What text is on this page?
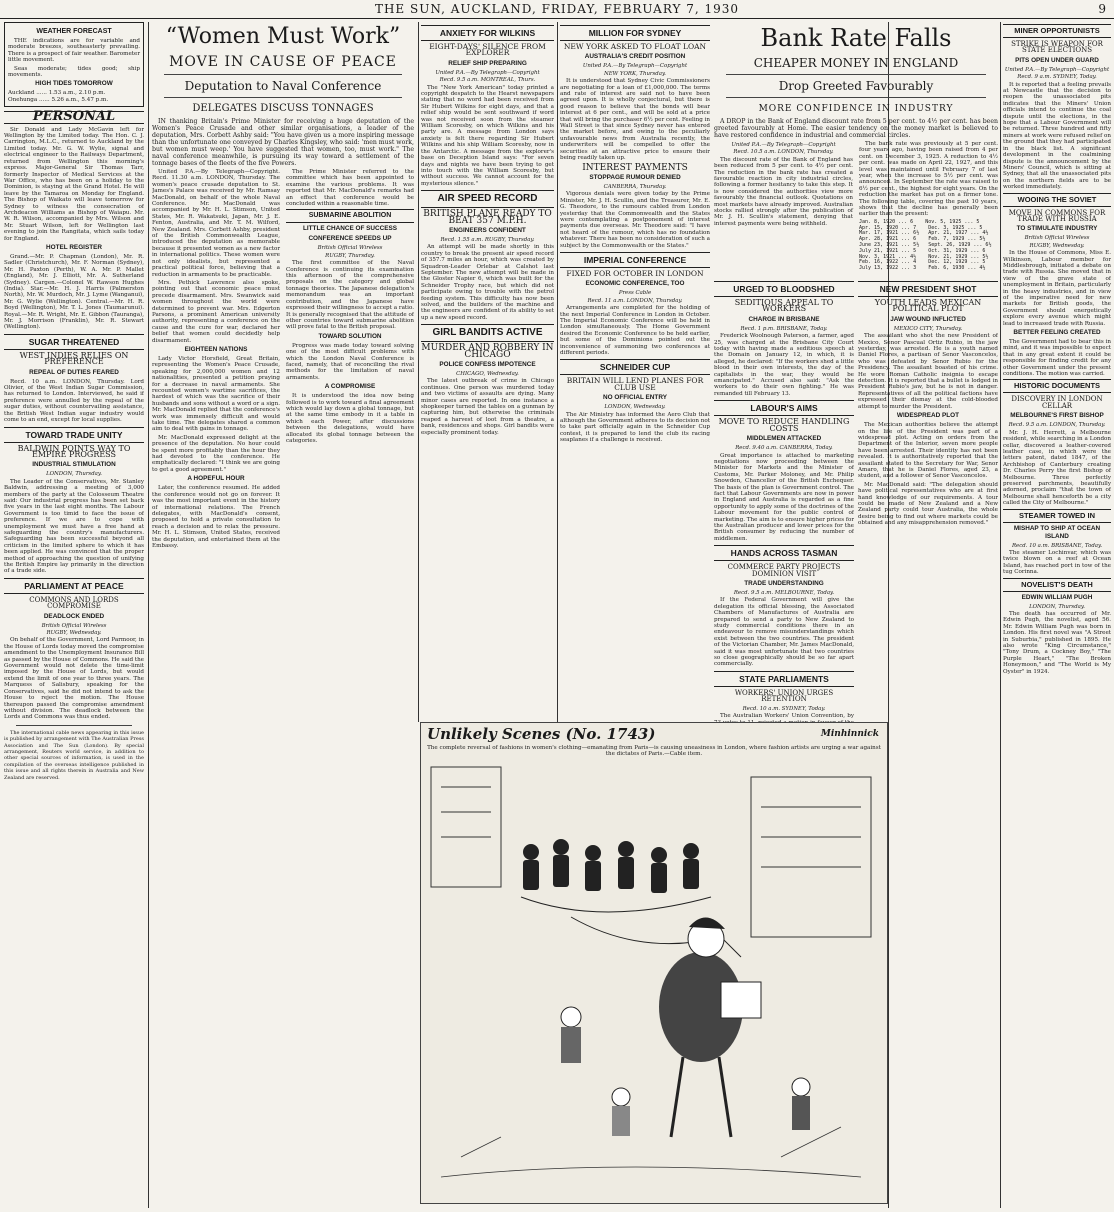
THE SUN, AUCKLAND, FRIDAY, FEBRUARY 7, 1930	9
WEATHER FORECAST

THE indications are for variable and moderate breezes, southeasterly prevailing. There is a prospect of fair weather. Barometer little movement.

Seas moderate; tides good; ship movements.

HIGH TIDES TOMORROW
Auckland ...... 1.53 a.m., 2.10 p.m.
Onehunga ...... 5.26 a.m., 5.47 p.m.
PERSONAL

Sir Donald and Lady McGavin left for Wellington by the Limited today. The Hon. C. J. Carrington, M.L.C., returned to Auckland by the Limited today. Mr. G. W. Wylie, signal and electrical engineer to the Railways Department, returned from Wellington this morning's express. Major-General Sir Thomas Tarr, formerly Inspector of Medical Services at the War Office, who has been on a holiday to the Dominion, is staying at the Grand Hotel. He will leave by the Tamaroa on Monday for England. The Bishop of Waikato will leave tomorrow for Sydney to witness the consecration of Archdeacon Williams as Bishop of Waiapu. Mr. W. R. Wilson, accompanied by Mrs. Wilson and Mr. Stuart Wilson, left for Wellington last evening to join the Rangitata, which sails today for England.

HOTEL REGISTER

Grand.—Mr. P. Chapman (London), Mr. R. Sadler (Christchurch), Mr. F. Norman (Sydney), Mr. H. Paxton (Perth), W. A. Mr. P. Mallet (England), Mr. J. Elliott, Mr. A. Sutherland (Sydney). Cargen.—Colonel W. Rawson Hughes (India). Star.—Mr. H. J. Harris (Palmerston North), Mr. W. Murdoch, Mr. J. Lyme (Wanganui), Mr. G. Wylie (Wellington). Central.—Mr. H. R. Boyd (Wellington), Mr. T. L. Jones (Taumarunui). Royal.—Mr. R. Wright, Mr. E. Gibbon (Tauranga), Mr. J. Morrison (Franklin), Mr. R. Stewart (Wellington).

SUGAR THREATENED
WEST INDIES RELIES ON PREFERENCE
REPEAL OF DUTIES FEARED

Recd. 10 a.m. LONDON, Thursday. Lord Olivier, of the West Indian Sugar Commission, has returned to London. Interviewed, he said if preference were annulled by the repeal of the sugar duties, without countervailing assistance, the British West Indian sugar industry would come to an end, except for local supplies.

TOWARD TRADE UNITY
BALDWIN POINTS WAY TO EMPIRE PROGRESS
INDUSTRIAL STIMULATION
LONDON, Thursday.

The Leader of the Conservatives, Mr. Stanley Baldwin, addressing a meeting of 3,000 members of the party at the Colosseum Theatre said: Our industrial progress has been set back five years in the last eight months. The Labour Government is too timid to face the issue of preference. If we are to cope with unemployment we must have a free hand at safeguarding the country's manufacturers. Safeguarding has been successful beyond all criticism in the limited sphere to which it has been applied. He was convinced that the proper method of approaching the question of unifying the British Empire lay primarily in the direction of a trade side.

PARLIAMENT AT PEACE
COMMONS AND LORDS COMPROMISE
DEADLOCK ENDED
British Official Wireless
RUGBY, Wednesday.

On behalf of the Government, Lord Parmoor, in the House of Lords today moved the compromise amendment to the Unemployment Insurance Bill as passed by the House of Commons. He said the Government would not delete the time-limit imposed by the House of Lords, but would extend the limit of one year to three years. The Marquess of Salisbury, speaking for the Conservatives, said he did not intend to ask the House to reject the motion. The House thereupon passed the compromise amendment without division. The deadlock between the Lords and Commons was thus ended.

The international cable news appearing in this issue is published by arrangement with The Australian Press Association and The Sun (London). By special arrangement, Reuters world service, in addition to other special sources of information, is used in the compilation of the overseas intelligence published in this issue and all rights therein in Australia and New Zealand are reserved.

“Women Must Work”
MOVE IN CAUSE OF PEACE
Deputation to Naval Conference
DELEGATES DISCUSS TONNAGES

IN thanking Britain's Prime Minister for receiving a huge deputation of the Women's Peace Crusade and other similar organisations, a leader of the deputation, Mrs. Corbett Ashby said: "You have given us a more inspiring message than the unfortunate one conveyed by Charles Kingsley, who said: 'men must work, but women must weep.' You have suggested that women, too, must work." The naval conference meanwhile, is pursuing its way toward a settlement of the tonnage bases of the fleets of the five Powers.

United P.A.—By Telegraph—Copyright. Recd. 11.30 a.m. LONDON, Thursday. The women's peace crusade deputation to St. James's Palace was received by Mr. Ramsay MacDonald, on behalf of the whole Naval Conference. Mr. MacDonald was accompanied by Mr. H. L. Stimson, United States, Mr. R. Wakatsuki, Japan, Mr. J. E. Fenton, Australia, and Mr. T. M. Wilford, New Zealand. Mrs. Corbett Ashby, president of the British Commonwealth League, introduced the deputation as memorable because it presented women as a new factor in international politics. These women were not only idealists, but represented a practical political force, believing that a reduction in armaments to be practicable.

Mrs. Pethick Lawrence also spoke, pointing out that economic peace must precede disarmament. Mrs. Swanwick said women throughout the world were determined to prevent war. Mrs. Edgerton Parsons, a prominent American university authority, representing a conference on the cause and the cure for war, declared her belief that women could decidedly help disarmament.

EIGHTEEN NATIONS

Lady Victor Horsfield, Great Britain, representing the Women's Peace Crusade, speaking for 2,000,000 women and 12 nationalities, presented a petition praying for a decrease in naval armaments. She recounted women's wartime sacrifices, the hardest of which was the sacrifice of their husbands and sons without a word or a sign. Mr. MacDonald replied that the conference's work was immensely difficult and would take time. The delegates shared a common aim to deal with gains in tonnage.

Mr. MacDonald expressed delight at the presence of the deputation. No hour could be spent more profitably than the hour they had devoted to the conference. He emphatically declared: "I think we are going to get a good agreement."

A HOPEFUL HOUR

Later, the conference resumed. He added the conference would not go on forever. It was the most important event in the history of international relations. The French delegates, with MacDonald's consent, proposed to hold a private consultation to reach a decision and to relax the pressure. Mr. H. L. Stimson, United States, received the deputation, and entertained them at the Embassy.

The Prime Minister referred to the committee which has been appointed to examine the various problems. It was reported that Mr. MacDonald's remarks had an effect that conference would be concluded within a reasonable time.

SUBMARINE ABOLITION
LITTLE CHANCE OF SUCCESS
CONFERENCE SPEEDS UP
British Official Wireless
RUGBY, Thursday.

The first committee of the Naval Conference is continuing its examination this afternoon of the comprehensive proposals on the category and global tonnage theories. The Japanese delegation's memorandum was an important contribution, and the Japanese have expressed their willingness to accept a ratio. It is generally recognised that the attitude of other countries toward submarine abolition will prove fatal to the British proposal.

TOWARD SOLUTION

Progress was made today toward solving one of the most difficult problems with which the London Naval Conference is faced, namely, that of reconciling the rival methods for the limitation of naval armaments.

A COMPROMISE

It is understood the idea now being followed is to work toward a final agreement which would lay down a global tonnage, but at the same time embody in it a table in which each Power, after discussions between the delegations, would have allocated its global tonnage between the categories.

ANXIETY FOR WILKINS
EIGHT-DAYS' SILENCE FROM EXPLORER
RELIEF SHIP PREPARING
United P.A.—By Telegraph—Copyright
Recd. 9.5 a.m. MONTREAL, Thurs.

The "New York American" today printed a copyright despatch to the Hearst newspapers stating that no word had been received from Sir Hubert Wilkins for eight days, and that a relief ship would be sent southward if word was not received soon from the steamer William Scoresby, on which Wilkins and his party are. A message from London says anxiety is felt there regarding Sir Hubert Wilkins and his ship William Scoresby, now in the Antarctic. A message from the explorer's base on Deception Island says: "For seven days and nights we have been trying to get into touch with the William Scoresby, but without success. We cannot account for the mysterious silence."

AIR SPEED RECORD
BRITISH PLANE READY TO BEAT 357 M.P.H.
ENGINEERS CONFIDENT
Recd. 1.55 a.m. RUGBY, Thursday.

An attempt will be made shortly in this country to break the present air speed record of 357.7 miles an hour, which was created by Squadron-Leader Orlebar at Calshot last September. The new attempt will be made in the Gloster Napier 6, which was built for the Schneider Trophy race, but which did not participate owing to trouble with the petrol feeding system. This difficulty has now been solved, and the builders of the machine and the engineers are confident of its ability to set up a new speed record.

GIRL BANDITS ACTIVE
MURDER AND ROBBERY IN CHICAGO
POLICE CONFESS IMPOTENCE
CHICAGO, Wednesday.

The latest outbreak of crime in Chicago continues. One person was murdered today and two victims of assaults are dying. Many minor cases are reported. In one instance a shopkeeper turned the tables on a gunman by capturing him, but otherwise the criminals reaped a harvest of loot from a theatre, a bank, residences and shops. Girl bandits were especially prominent today.

MILLION FOR SYDNEY
NEW YORK ASKED TO FLOAT LOAN
AUSTRALIA'S CREDIT POSITION
United P.A.—By Telegraph—Copyright
NEW YORK, Thursday.

It is understood that Sydney Civic Commissioners are negotiating for a loan of £1,000,000. The terms and rate of interest are said not to have been agreed upon. It is wholly conjectural, but there is good reason to believe that the bonds will bear interest at 6 per cent., and will be sold at a price that will bring the purchaser 6½ per cent. Feeling in Wall Street is that since Sydney never has entered the market before, and owing to the peculiarly unfavourable news from Australia recently, the underwriters will be compelled to offer the securities at an attractive price to ensure their being readily taken up.

INTEREST PAYMENTS
STOPPAGE RUMOUR DENIED
CANBERRA, Thursday.

Vigorous denials were given today by the Prime Minister, Mr. J. H. Scullin, and the Treasurer, Mr. E. G. Theodore, to the rumours cabled from London yesterday that the Commonwealth and the States were contemplating a postponement of interest payments due overseas. Mr. Theodore said: "I have not heard of the rumour, which has no foundation whatever. There has been no consideration of such a subject by the Commonwealth or the States."

IMPERIAL CONFERENCE
FIXED FOR OCTOBER IN LONDON
ECONOMIC CONFERENCE, TOO
Press Cable
Recd. 11 a.m. LONDON, Thursday.

Arrangements are completed for the holding of the next Imperial Conference in London in October. The Imperial Economic Conference will be held in London simultaneously. The Home Government desired the Economic Conference to be held earlier, but some of the Dominions pointed out the inconvenience of summoning two conferences at different periods.

SCHNEIDER CUP
BRITAIN WILL LEND PLANES FOR CLUB USE
NO OFFICIAL ENTRY
LONDON, Wednesday.

The Air Ministry has informed the Aero Club that although the Government adheres to its decision not to take part officially again in the Schneider Cup contest, it is prepared to lend the club its racing seaplanes if a challenge is received.

Bank Rate Falls
CHEAPER MONEY IN ENGLAND
Drop Greeted Favourably
MORE CONFIDENCE IN INDUSTRY

A DROP in the Bank of England discount rate from 5 per cent. to 4½ per cent. has been greeted favourably at Home. The easier tendency on the money market is believed to have restored confidence in industrial and commercial circles.

United P.A.—By Telegraph—Copyright
Recd. 10.5 a.m. LONDON, Thursday.

The discount rate of the Bank of England has been reduced from 5 per cent. to 4½ per cent. The reduction in the bank rate has created a favourable reaction in city industrial circles, following a former hesitancy to take this step. It is now considered the authorities view more favourably the financial outlook. Quotations on most markets have already improved. Australian stocks rallied strongly after the publication of Mr. J. H. Scullin's statement, denying that interest payments were being withheld.

The bank rate was previously at 5 per cent. four years ago, having been raised from 4 per cent. on December 3, 1925. A reduction to 4½ per cent. was made on April 22, 1927, and this level was maintained until February 7 of last year, when the increase to 5½ per cent. was announced. In September the rate was raised to 6½ per cent., the highest for eight years. On the reduction the market has put on a firmer tone. The following table, covering the past 10 years, shows that the decline has generally been earlier than the present:

Jan. 8, 1920 ... 6    Nov. 5, 1925 ... 5
Apr. 15, 1920 ... 7    Dec. 3, 1925 ... 5
Mar. 17, 1921 ... 6½   Apr. 21, 1927 ... 4½
Apr. 28, 1921 ... 6    Feb. 7, 1929 ... 5½
June 23, 1921 ... 5½   Sept. 26, 1929 ... 6½
July 21, 1921 ... 5    Oct. 31, 1929 ... 6
Nov. 3, 1921 ... 4½    Nov. 21, 1929 ... 5½
Feb. 16, 1922 ... 4    Dec. 12, 1929 ... 5
July 13, 1922 ... 3    Feb. 6, 1930 ... 4½
URGED TO BLOODSHED
SEDITIOUS APPEAL TO WORKERS
CHARGE IN BRISBANE
Recd. 1 p.m. BRISBANE, Today.

Frederick Woolnough Paterson, a farmer, aged 25, was charged at the Brisbane City Court today with having made a seditious speech at the Domain on January 12, in which, it is alleged, he declared: "If the workers shed a little blood in their own interests, the day of the capitalists in the war, they would be emancipated." Accused also said: "Ask the workers to do their own fighting." He was remanded till February 13.

LABOUR'S AIMS
MOVE TO REDUCE HANDLING COSTS
MIDDLEMEN ATTACKED
Recd. 9.40 a.m. CANBERRA, Today.

Great importance is attached to marketing negotiations now proceeding between the Minister for Markets and the Minister of Customs, Mr. Parker Moloney, and Mr. Philip Snowden, Chancellor of the British Exchequer. The basis of the plan is Government control. The fact that Labour Governments are now in power in England and Australia is regarded as a fine opportunity to apply some of the doctrines of the Labour movement for the public control of marketing. The aim is to ensure higher prices for the Australian producer and lower prices for the British consumer by reducing the number of middlemen.

HANDS ACROSS TASMAN
COMMERCE PARTY PROJECTS DOMINION VISIT
TRADE UNDERSTANDING
Recd. 9.5 a.m. MELBOURNE, Today.

If the Federal Government will give the delegation its official blessing, the Associated Chambers of Manufactures of Australia are prepared to send a party to New Zealand to study commercial conditions there in an endeavour to remove misunderstandings which exist between the two countries. The president of the Victorian Chamber, Mr. James MacDonald, said it was most unfortunate that two countries so close geographically should be so far apart commercially.

STATE PARLIAMENTS
WORKERS' UNION URGES RETENTION
Recd. 10 a.m. SYDNEY, Today.

The Australian Workers' Union Convention, by

NEW PRESIDENT SHOT
YOUTH LEADS MEXICAN POLITICAL PLOT
JAW WOUND INFLICTED
MEXICO CITY, Thursday.

The assailant who shot the new President of Mexico, Senor Pascual Ortiz Rubio, in the jaw yesterday, was arrested. He is a youth named Daniel Flores, a partisan of Senor Vasconcelos, who was defeated by Senor Rubio for the Presidency. The assailant boasted of his crime. He wore Roman Catholic insignia to escape detection. It is reported that a bullet is lodged in President Rubio's jaw, but he is not in danger. Representatives of all the political factions have expressed their dismay at the cold-blooded attempt to murder the President.

WIDESPREAD PLOT

The Mexican authorities believe the attempt on the life of the President was part of a widespread plot. Acting on orders from the Department of the Interior, seven more people have been arrested. Their identity has not been revealed. It is authoritatively reported that the assailant stated to the Secretary for War, Senor Amaro, that he is Daniel Flores, aged 23, a student, and a follower of Senor Vasconcelos.

Mr. MacDonald said: "The delegation should have political representatives who are at first hand knowledge of our requirements. A tour could be made of New Zealand and a New Zealand party could tour Australia, the whole desire being to find out where markets could be obtained and any misapprehension removed."

MINER OPPORTUNISTS
STRIKE IS WEAPON FOR STATE ELECTIONS
PITS OPEN UNDER GUARD
United P.A.—By Telegraph—Copyright
Recd. 9 a.m. SYDNEY, Today.

It is reported that a feeling prevails at Newcastle that the decision to reopen the unassociated pits indicates that the Miners' Union officials intend to continue the coal dispute until the elections, in the hope that a Labour Government will be returned. Three hundred and fifty miners at work were refused relief on the ground that they had participated in the black list. A significant development in the coalmining dispute is the announcement by the Miners' Council, which is sitting at Sydney, that all the unassociated pits on the northern fields are to be worked immediately.

WOOING THE SOVIET
MOVE IN COMMONS FOR TRADE WITH RUSSIA
TO STIMULATE INDUSTRY
British Official Wireless
RUGBY, Wednesday.

In the House of Commons, Miss E. Wilkinson, Labour member for Middlesbrough, initiated a debate on trade with Russia. She moved that in view of the grave state of unemployment in Britain, particularly in the heavy industries, and in view of the imperative need for new markets for British goods, the Government should energetically explore every avenue which might lead to increased trade with Russia.

BETTER FEELING CREATED

The Government had to bear this in mind, and it was impossible to expect that in any great extent it could be responsible for finding credit for any other Government under the present conditions. The motion was carried.

HISTORIC DOCUMENTS
DISCOVERY IN LONDON CELLAR
MELBOURNE'S FIRST BISHOP
Recd. 9.5 a.m. LONDON, Thursday.

Mr. J. H. Herrett, a Melbourne resident, while searching in a London cellar, discovered a leather-covered leather case, in which were the letters patent, dated 1847, of the Archbishop of Canterbury creating Dr. Charles Perry the first Bishop of Melbourne. Three perfectly preserved parchments, beautifully adorned, proclaim "that the town of Melbourne shall henceforth be a city called the City of Melbourne."

STEAMER TOWED IN
MISHAP TO SHIP AT OCEAN ISLAND
Recd. 10 a.m. BRISBANE, Today.

The steamer Lochinvar, which was twice blown on a reef at Ocean Island, has reached port in tow of the tug Corinna.

NOVELIST'S DEATH
EDWIN WILLIAM PUGH
LONDON, Thursday.

The death has occurred of Mr. Edwin Pugh, the novelist, aged 56. Mr. Edwin William Pugh was born in London. His first novel was "A Street in Suburbia," published in 1895. He also wrote "King Circumstance," "Tony Drum, a Cockney Boy," "The Purple Heart," "The Broken Honeymoon," and "The World is My Oyster" in 1924.

Unlikely Scenes (No. 1743)	Minhinnick
The complete reversal of fashions in women's clothing—emanating from Paris—is causing uneasiness in London, where fashion artists are urging a war against the dictates of Paris.—Cable item.
